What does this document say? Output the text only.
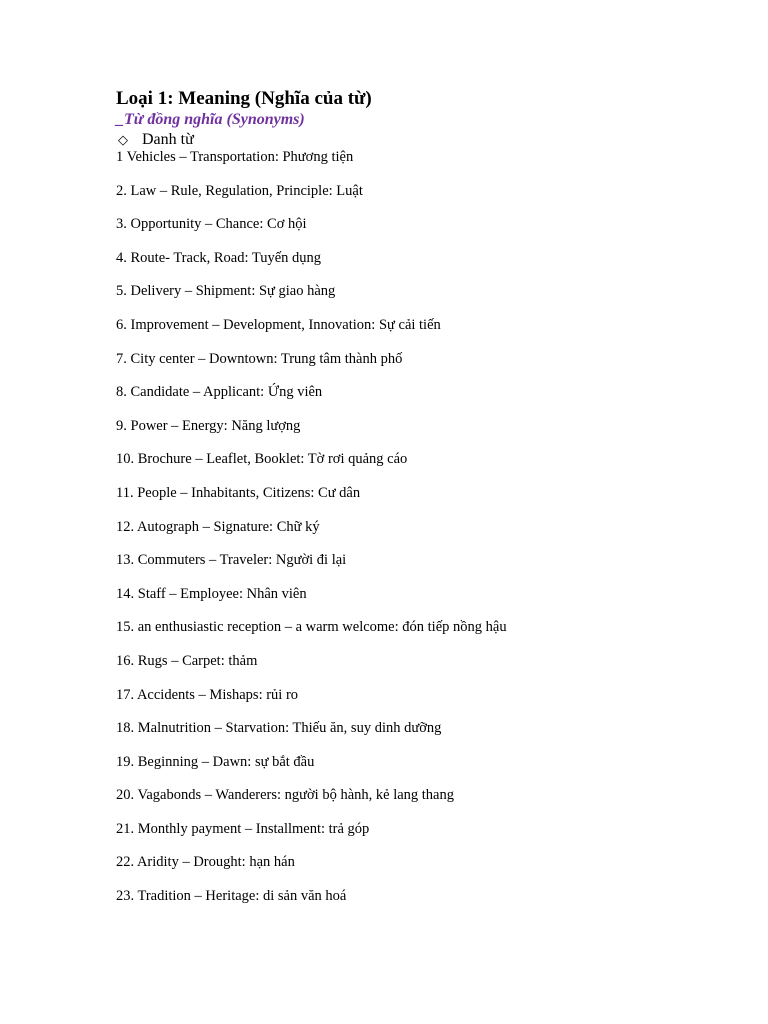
Loại 1: Meaning (Nghĩa của từ)

_Từ đồng nghĩa (Synonyms)

◇ Danh từ

1 Vehicles – Transportation: Phương tiện
2. Law – Rule, Regulation, Principle: Luật
3. Opportunity – Chance: Cơ hội
4. Route- Track, Road: Tuyến dụng
5. Delivery – Shipment: Sự giao hàng
6. Improvement – Development, Innovation: Sự cải tiến
7. City center – Downtown: Trung tâm thành phố
8. Candidate – Applicant: Ứng viên
9. Power – Energy: Năng lượng
10. Brochure – Leaflet, Booklet: Tờ rơi quảng cáo
11. People – Inhabitants, Citizens: Cư dân
12. Autograph – Signature: Chữ ký
13. Commuters – Traveler: Người đi lại
14. Staff – Employee: Nhân viên
15. an enthusiastic reception – a warm welcome: đón tiếp nồng hậu
16. Rugs – Carpet: thảm
17. Accidents – Mishaps: rủi ro
18. Malnutrition – Starvation: Thiếu ăn, suy dinh dưỡng
19. Beginning – Dawn: sự bắt đầu
20. Vagabonds – Wanderers: người bộ hành, kẻ lang thang
21. Monthly payment – Installment: trả góp
22. Aridity – Drought: hạn hán
23. Tradition – Heritage: di sản văn hoá
